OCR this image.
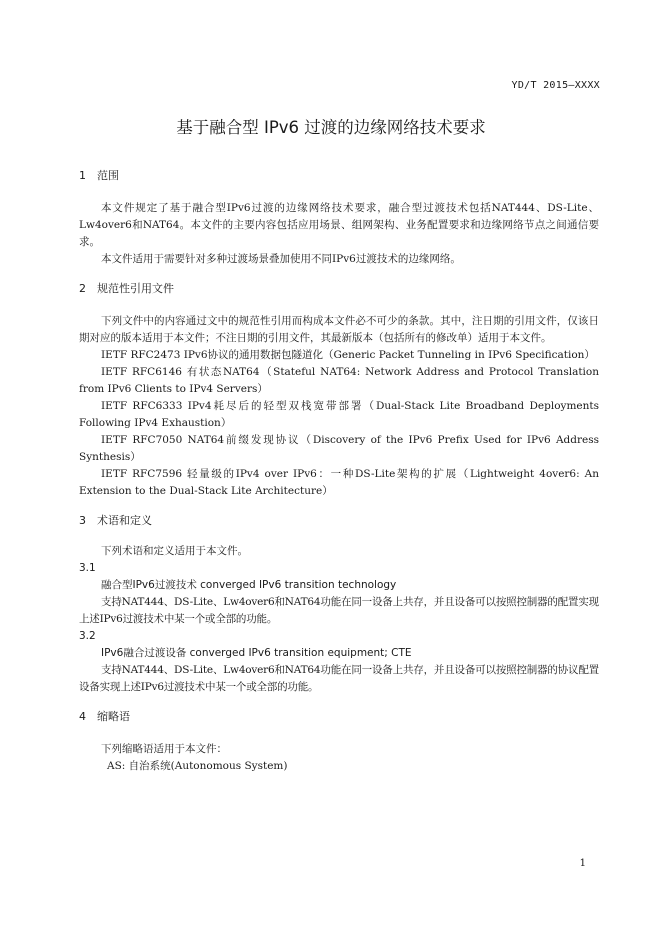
YD/T 2015—XXXX
基于融合型 IPv6 过渡的边缘网络技术要求
1 范围

本文件规定了基于融合型IPv6过渡的边缘网络技术要求，融合型过渡技术包括NAT444、DS-Lite、Lw4over6和NAT64。本文件的主要内容包括应用场景、组网架构、业务配置要求和边缘网络节点之间通信要求。

本文件适用于需要针对多种过渡场景叠加使用不同IPv6过渡技术的边缘网络。

2 规范性引用文件

下列文件中的内容通过文中的规范性引用而构成本文件必不可少的条款。其中，注日期的引用文件，仅该日期对应的版本适用于本文件；不注日期的引用文件，其最新版本（包括所有的修改单）适用于本文件。

IETF RFC2473 IPv6协议的通用数据包隧道化（Generic Packet Tunneling in IPv6 Specification）

IETF RFC6146 有状态NAT64（Stateful NAT64: Network Address and Protocol Translation from IPv6 Clients to IPv4 Servers）

IETF RFC6333 IPv4耗尽后的轻型双栈宽带部署（Dual-Stack Lite Broadband Deployments Following IPv4 Exhaustion）

IETF RFC7050 NAT64前缀发现协议（Discovery of the IPv6 Prefix Used for IPv6 Address Synthesis）

IETF RFC7596 轻量级的IPv4 over IPv6：一种DS-Lite架构的扩展（Lightweight 4over6: An Extension to the Dual-Stack Lite Architecture）

3 术语和定义

下列术语和定义适用于本文件。

3.1
融合型IPv6过渡技术 converged IPv6 transition technology

支持NAT444、DS-Lite、Lw4over6和NAT64功能在同一设备上共存，并且设备可以按照控制器的配置实现上述IPv6过渡技术中某一个或全部的功能。

3.2
IPv6融合过渡设备 converged IPv6 transition equipment; CTE

支持NAT444、DS-Lite、Lw4over6和NAT64功能在同一设备上共存，并且设备可以按照控制器的协议配置设备实现上述IPv6过渡技术中某一个或全部的功能。

4 缩略语

下列缩略语适用于本文件：

AS: 自治系统(Autonomous System)
1
